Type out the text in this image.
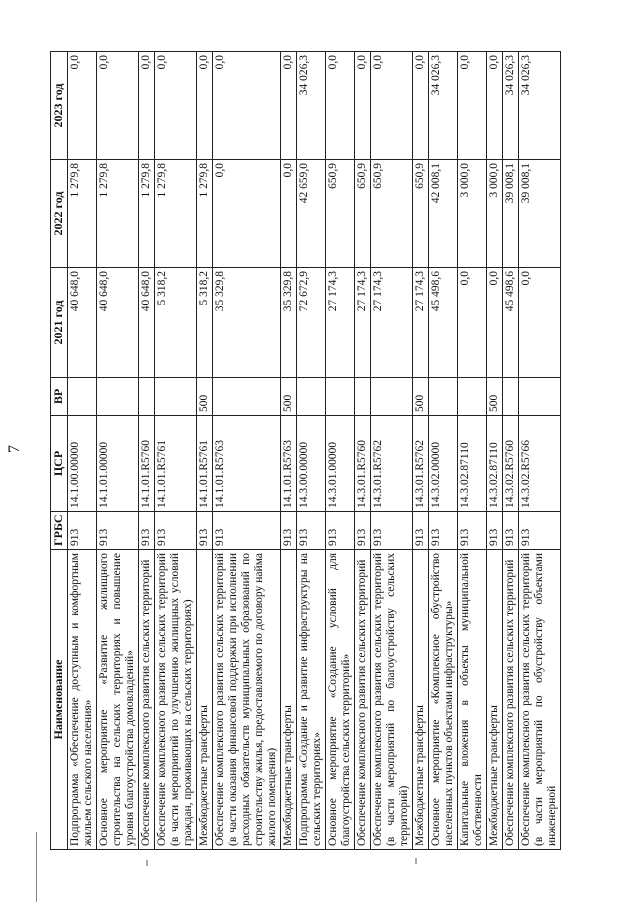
7
Наименование	ГРБС	ЦСР	ВР	2021 год	2022 год	2023 год
Подпрограмма «Обеспечение доступным и комфортным жильем сельского населения»	913	14.1.00.00000		40 648,0	1 279,8	0,0
Основное мероприятие «Развитие жилищного строительства на сельских территориях и повышение уровня благоустройства домовладений»	913	14.1.01.00000		40 648,0	1 279,8	0,0
Обеспечение комплексного развития сельских территорий	913	14.1.01.R5760		40 648,0	1 279,8	0,0
Обеспечение комплексного развития сельских территорий (в части мероприятий по улучшению жилищных условий граждан, проживающих на сельских территориях)	913	14.1.01.R5761		5 318,2	1 279,8	0,0
Межбюджетные трансферты	913	14.1.01.R5761	500	5 318,2	1 279,8	0,0
Обеспечение комплексного развития сельских территорий (в части оказания финансовой поддержки при исполнении расходных обязательств муниципальных образований по строительству жилья, предоставляемого по договору найма жилого помещения)	913	14.1.01.R5763		35 329,8	0,0	0,0
Межбюджетные трансферты	913	14.1.01.R5763	500	35 329,8	0,0	0,0
Подпрограмма «Создание и развитие инфраструктуры на сельских территориях»	913	14.3.00.00000		72 672,9	42 659,0	34 026,3
Основное мероприятие «Создание условий для благоустройства сельских территорий»	913	14.3.01.00000		27 174,3	650,9	0,0
Обеспечение комплексного развития сельских территорий	913	14.3.01.R5760		27 174,3	650,9	0,0
Обеспечение комплексного развития сельских территорий (в части мероприятий по благоустройству сельских территорий)	913	14.3.01.R5762		27 174,3	650,9	0,0
Межбюджетные трансферты	913	14.3.01.R5762	500	27 174,3	650,9	0,0
Основное мероприятие «Комплексное обустройство населенных пунктов объектами инфраструктуры»	913	14.3.02.00000		45 498,6	42 008,1	34 026,3
Капитальные вложения в объекты муниципальной собственности	913	14.3.02.87110		0,0	3 000,0	0,0
Межбюджетные трансферты	913	14.3.02.87110	500	0,0	3 000,0	0,0
Обеспечение комплексного развития сельских территорий	913	14.3.02.R5760		45 498,6	39 008,1	34 026,3
Обеспечение комплексного развития сельских территорий (в части мероприятий по обустройству объектами инженерной	913	14.3.02.R5766		0,0	39 008,1	34 026,3
